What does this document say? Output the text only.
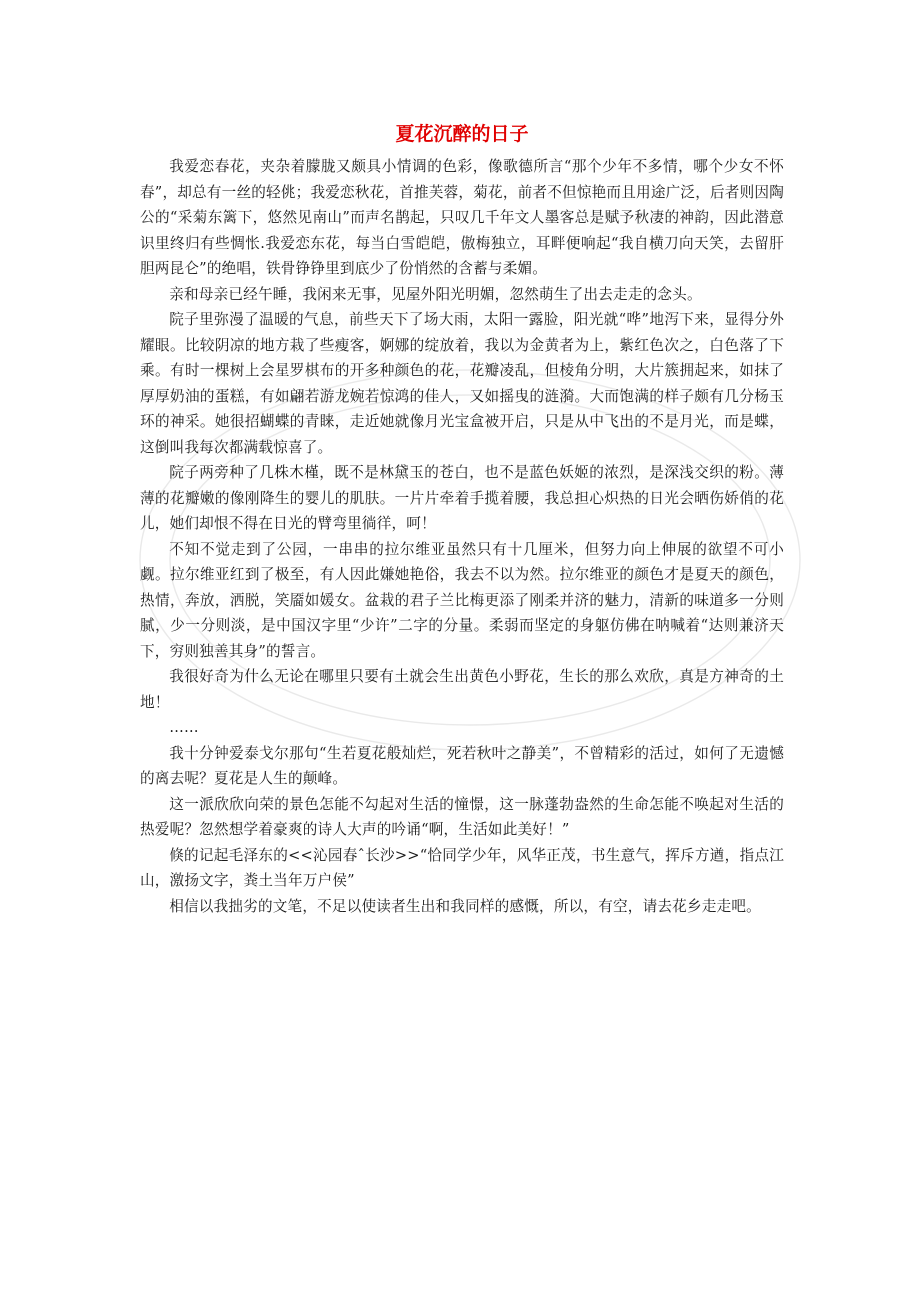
夏花沉醉的日子

我爱恋春花，夹杂着朦胧又颇具小情调的色彩，像歌德所言“那个少年不多情，哪个少女不怀春”，却总有一丝的轻佻；我爱恋秋花，首推芙蓉，菊花，前者不但惊艳而且用途广泛，后者则因陶公的“采菊东篱下，悠然见南山”而声名鹊起，只叹几千年文人墨客总是赋予秋凄的神韵，因此潜意识里终归有些惆怅.我爱恋东花，每当白雪皑皑，傲梅独立，耳畔便响起“我自横刀向天笑，去留肝胆两昆仑”的绝唱，铁骨铮铮里到底少了份悄然的含蓄与柔媚。

亲和母亲已经午睡，我闲来无事，见屋外阳光明媚，忽然萌生了出去走走的念头。

院子里弥漫了温暖的气息，前些天下了场大雨，太阳一露脸，阳光就“哗”地泻下来，显得分外耀眼。比较阴凉的地方栽了些瘦客，婀娜的绽放着，我以为金黄者为上，紫红色次之，白色落了下乘。有时一棵树上会星罗棋布的开多种颜色的花，花瓣凌乱，但棱角分明，大片簇拥起来，如抹了厚厚奶油的蛋糕，有如翩若游龙婉若惊鸿的佳人，又如摇曳的涟漪。大而饱满的样子颇有几分杨玉环的神采。她很招蝴蝶的青睐，走近她就像月光宝盒被开启，只是从中飞出的不是月光，而是蝶，这倒叫我每次都满载惊喜了。

院子两旁种了几株木槿，既不是林黛玉的苍白，也不是蓝色妖姬的浓烈，是深浅交织的粉。薄薄的花瓣嫩的像刚降生的婴儿的肌肤。一片片牵着手揽着腰，我总担心炽热的日光会晒伤娇俏的花儿，她们却恨不得在日光的臂弯里徜徉，呵！

不知不觉走到了公园，一串串的拉尔维亚虽然只有十几厘米，但努力向上伸展的欲望不可小觑。拉尔维亚红到了极至，有人因此嫌她艳俗，我去不以为然。拉尔维亚的颜色才是夏天的颜色，热情，奔放，洒脱，笑靥如媛女。盆栽的君子兰比梅更添了刚柔并济的魅力，清新的味道多一分则腻，少一分则淡，是中国汉字里“少许”二字的分量。柔弱而坚定的身躯仿佛在呐喊着“达则兼济天下，穷则独善其身”的誓言。

我很好奇为什么无论在哪里只要有土就会生出黄色小野花，生长的那么欢欣，真是方神奇的土地！

……

我十分钟爱泰戈尔那句“生若夏花般灿烂，死若秋叶之静美”，不曾精彩的活过，如何了无遗憾的离去呢？夏花是人生的颠峰。

这一派欣欣向荣的景色怎能不勾起对生活的憧憬，这一脉蓬勃盎然的生命怎能不唤起对生活的热爱呢？忽然想学着豪爽的诗人大声的吟诵“啊，生活如此美好！”

倏的记起毛泽东的<<沁园春ˆ长沙>>“恰同学少年，风华正茂，书生意气，挥斥方遒，指点江山，激扬文字，粪土当年万户侯”

相信以我拙劣的文笔，不足以使读者生出和我同样的感慨，所以，有空，请去花乡走走吧。
